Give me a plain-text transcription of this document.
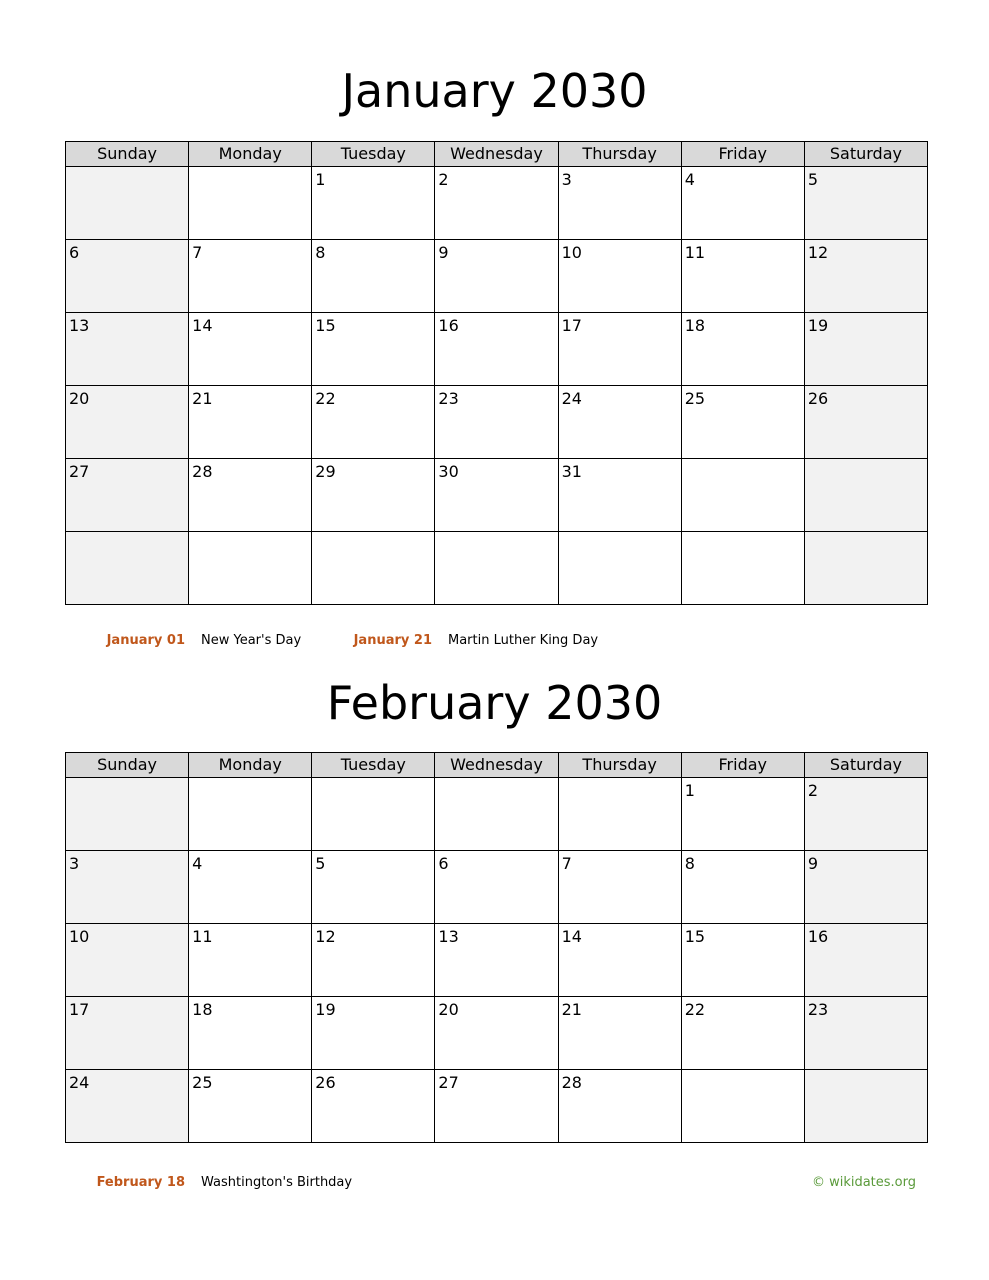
January 2030
Sunday	Monday	Tuesday	Wednesday	Thursday	Friday	Saturday

		1	2	3	4	5

6	7	8	9	10	11	12

13	14	15	16	17	18	19

20	21	22	23	24	25	26

27	28	29	30	31		

January 01 New Year's Day	January 21 Martin Luther King Day
February 2030
Sunday	Monday	Tuesday	Wednesday	Thursday	Friday	Saturday

					1	2

3	4	5	6	7	8	9

10	11	12	13	14	15	16

17	18	19	20	21	22	23

24	25	26	27	28		

February 18 Washtington's Birthday	© wikidates.org
